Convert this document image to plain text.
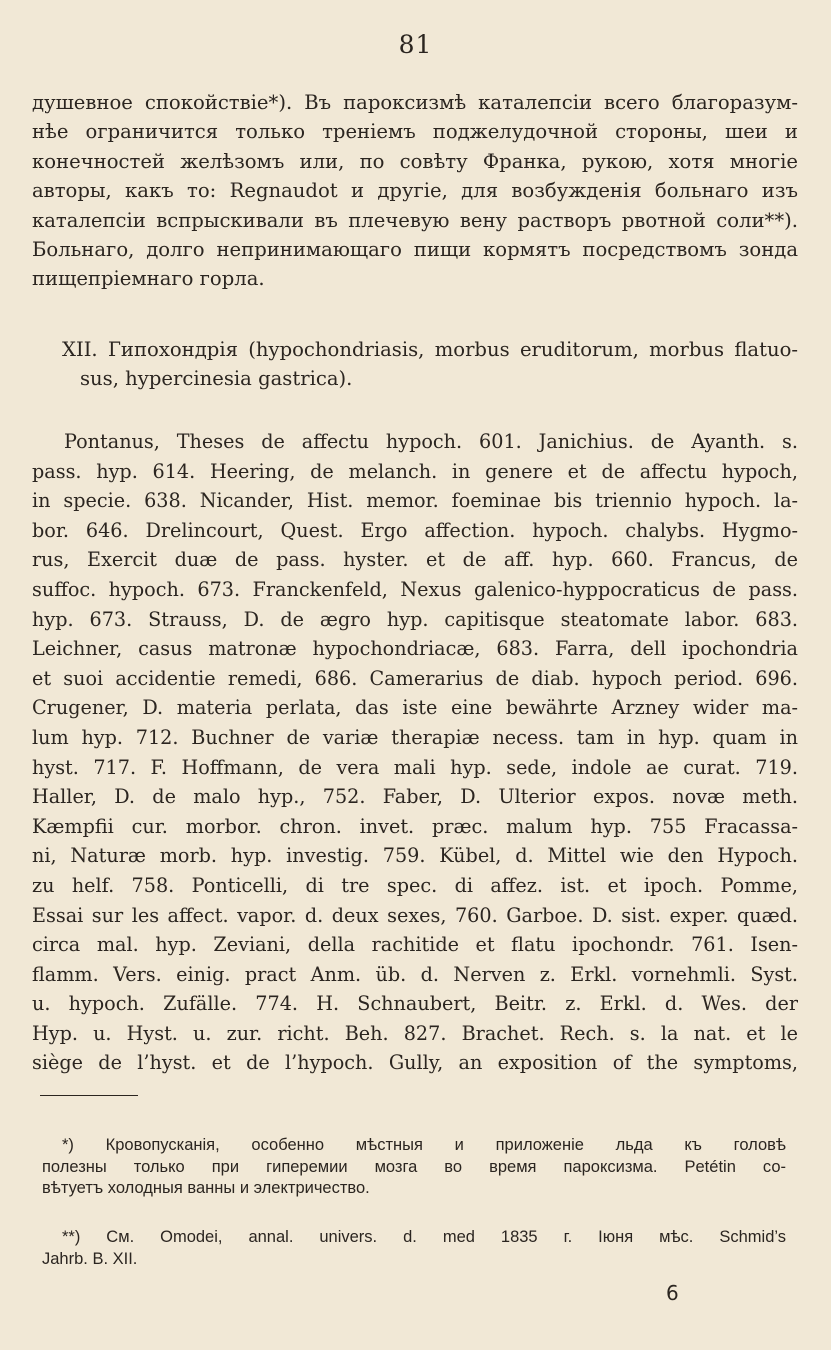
81

душевное спокойствіе*). Въ пароксизмѣ каталепсіи всего благоразум-
нѣе ограничится только треніемъ поджелудочной стороны, шеи и
конечностей желѣзомъ или, по совѣту Франка, рукою, хотя многіе
авторы, какъ то: Regnaudot и другіе, для возбужденія больнаго изъ
каталепсіи вспрыскивали въ плечевую вену растворъ рвотной соли**).
Больнаго, долго непринимающаго пищи кормятъ посредствомъ зонда
пищепріемнаго горла.

XII. Гипохондрія (hypochondriasis, morbus eruditorum, morbus flatuo-
sus, hypercinesia gastrica).

Pontanus, Theses de affectu hypoch. 601. Janichius. de Ayanth. s.
pass. hyp. 614. Heering, de melanch. in genere et de affectu hypoch,
in specie. 638. Nicander, Hist. memor. foeminae bis triennio hypoch. la-
bor. 646. Drelincourt, Quest. Ergo affection. hypoch. chalybs. Hygmo-
rus, Exercit duæ de pass. hyster. et de aff. hyp. 660. Francus, de
suffoc. hypoch. 673. Franckenfeld, Nexus galenico-hyppocraticus de pass.
hyp. 673. Strauss, D. de ægro hyp. capitisque steatomate labor. 683.
Leichner, casus matronæ hypochondriacæ, 683. Farra, dell ipochondria
et suoi accidentie remedi, 686. Camerarius de diab. hypoch period. 696.
Crugener, D. materia perlata, das iste eine bewährte Arzney wider ma-
lum hyp. 712. Buchner de variæ therapiæ necess. tam in hyp. quam in
hyst. 717. F. Hoffmann, de vera mali hyp. sede, indole ae curat. 719.
Haller, D. de malo hyp., 752. Faber, D. Ulterior expos. novæ meth.
Kæmpfii cur. morbor. chron. invet. præc. malum hyp. 755 Fracassa-
ni, Naturæ morb. hyp. investig. 759. Kübel, d. Mittel wie den Hypoch.
zu helf. 758. Ponticelli, di tre spec. di affez. ist. et ipoch. Pomme,
Essai sur les affect. vapor. d. deux sexes, 760. Garboe. D. sist. exper. quæd.
circa mal. hyp. Zeviani, della rachitide et flatu ipochondr. 761. Isen-
flamm. Vers. einig. pract Anm. üb. d. Nerven z. Erkl. vornehmli. Syst.
u. hypoch. Zufälle. 774. H. Schnaubert, Beitr. z. Erkl. d. Wes. der
Hyp. u. Hyst. u. zur. richt. Beh. 827. Brachet. Rech. s. la nat. et le
siège de l’hyst. et de l’hypoch. Gully, an exposition of the symptoms,

*) Кровопусканія, особенно мѣстныя и приложеніе льда къ головѣ
полезны только при гиперемии мозга во время пароксизма. Petétin со-
вѣтуетъ холодныя ванны и электричество.

**) См. Omodei, annal. univers. d. med 1835 г. Іюня мѣс. Schmid’s
Jahrb. B. XII.

6
